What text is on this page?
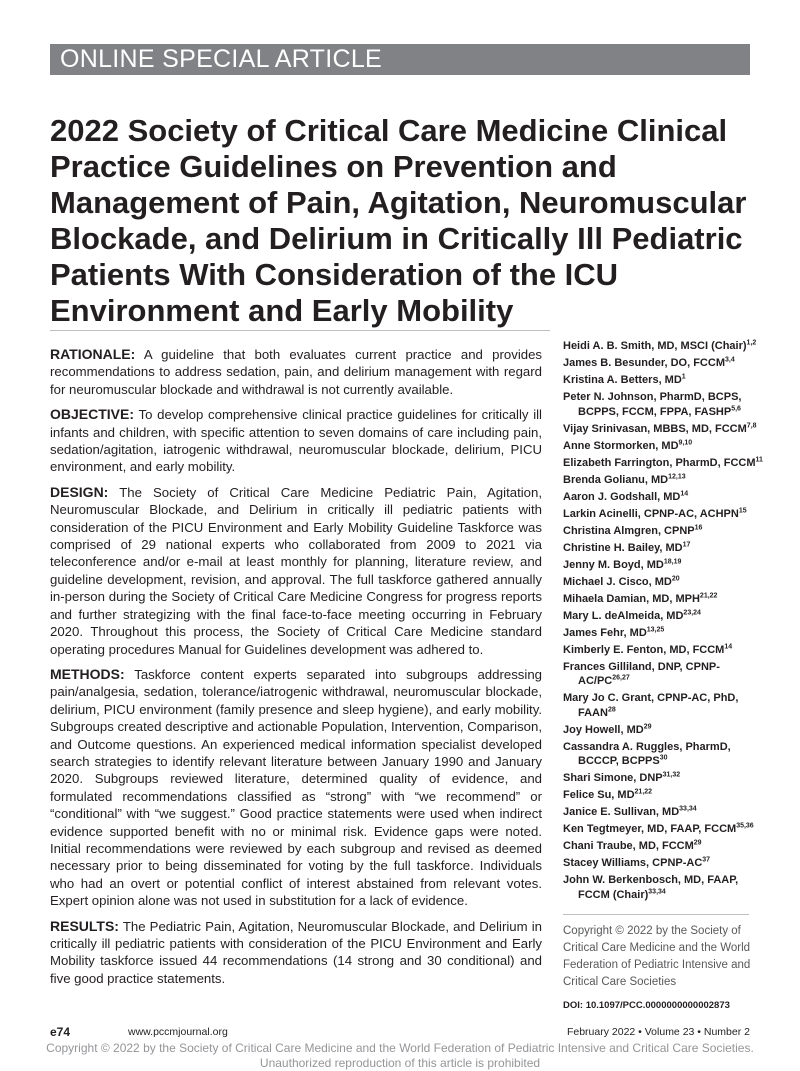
ONLINE SPECIAL ARTICLE
2022 Society of Critical Care Medicine Clinical Practice Guidelines on Prevention and Management of Pain, Agitation, Neuromuscular Blockade, and Delirium in Critically Ill Pediatric Patients With Consideration of the ICU Environment and Early Mobility

RATIONALE: A guideline that both evaluates current practice and provides recommendations to address sedation, pain, and delirium management with regard for neuromuscular blockade and withdrawal is not currently available.

OBJECTIVE: To develop comprehensive clinical practice guidelines for critically ill infants and children, with specific attention to seven domains of care including pain, sedation/agitation, iatrogenic withdrawal, neuromuscular blockade, delirium, PICU environment, and early mobility.

DESIGN: The Society of Critical Care Medicine Pediatric Pain, Agitation, Neuromuscular Blockade, and Delirium in critically ill pediatric patients with consideration of the PICU Environment and Early Mobility Guideline Taskforce was comprised of 29 national experts who collaborated from 2009 to 2021 via teleconference and/or e-mail at least monthly for planning, literature review, and guideline development, revision, and approval. The full taskforce gathered annually in-person during the Society of Critical Care Medicine Congress for progress reports and further strategizing with the final face-to-face meeting occurring in February 2020. Throughout this process, the Society of Critical Care Medicine standard operating procedures Manual for Guidelines development was adhered to.

METHODS: Taskforce content experts separated into subgroups addressing pain/analgesia, sedation, tolerance/iatrogenic withdrawal, neuromuscular blockade, delirium, PICU environment (family presence and sleep hygiene), and early mobility. Subgroups created descriptive and actionable Population, Intervention, Comparison, and Outcome questions. An experienced medical information specialist developed search strategies to identify relevant literature between January 1990 and January 2020. Subgroups reviewed literature, determined quality of evidence, and formulated recommendations classified as “strong” with “we recommend” or “conditional” with “we suggest.” Good practice statements were used when indirect evidence supported benefit with no or minimal risk. Evidence gaps were noted. Initial recommendations were reviewed by each subgroup and revised as deemed necessary prior to being disseminated for voting by the full taskforce. Individuals who had an overt or potential conflict of interest abstained from relevant votes. Expert opinion alone was not used in substitution for a lack of evidence.

RESULTS: The Pediatric Pain, Agitation, Neuromuscular Blockade, and Delirium in critically ill pediatric patients with consideration of the PICU Environment and Early Mobility taskforce issued 44 recommendations (14 strong and 30 conditional) and five good practice statements.

Heidi A. B. Smith, MD, MSCI (Chair)$^{1,2}$
James B. Besunder, DO, FCCM$^{3,4}$
Kristina A. Betters, $MD^1$
Peter N. Johnson, PharmD, BCPS, BCPPS, FCCM, FPPA, FASHP$^{5,6}$
Vijay Srinivasan, MBBS, MD, FCCM$^{7,8}$
Anne Stormorken, MD$^{9,10}$
Elizabeth Farrington, PharmD, FCCM$^{11}$
Brenda Golianu, MD$^{12,13}$
Aaron J. Godshall, MD$^{14}$
Larkin Acinelli, CPNP-AC, ACHPN$^{15}$
Christina Almgren, CPNP$^{16}$
Christine H. Bailey, MD$^{17}$
Jenny M. Boyd, MD$^{18,19}$
Michael J. Cisco, MD$^{20}$
Mihaela Damian, MD, MPH$^{21,22}$
Mary L. deAlmeida, MD$^{23,24}$
James Fehr, MD$^{13,25}$
Kimberly E. Fenton, MD, FCCM$^{14}$
Frances Gilliland, DNP, CPNP-AC/PC$^{26,27}$
Mary Jo C. Grant, CPNP-AC, PhD, FAAN$^{28}$
Joy Howell, MD$^{29}$
Cassandra A. Ruggles, PharmD, BCCCP, BCPPS$^{30}$
Shari Simone, DNP$^{31,32}$
Felice Su, MD$^{21,22}$
Janice E. Sullivan, MD$^{33,34}$
Ken Tegtmeyer, MD, FAAP, FCCM$^{35,36}$
Chani Traube, MD, FCCM$^{29}$
Stacey Williams, CPNP-AC$^{37}$
John W. Berkenbosch, MD, FAAP, FCCM (Chair)$^{33,34}$
Copyright © 2022 by the Society of Critical Care Medicine and the World Federation of Pediatric Intensive and Critical Care Societies
DOI: 10.1097/PCC.0000000000002873
e74	www.pccmjournal.org	February 2022 • Volume 23 • Number 2
Copyright © 2022 by the Society of Critical Care Medicine and the World Federation of Pediatric Intensive and Critical Care Societies.
Unauthorized reproduction of this article is prohibited
